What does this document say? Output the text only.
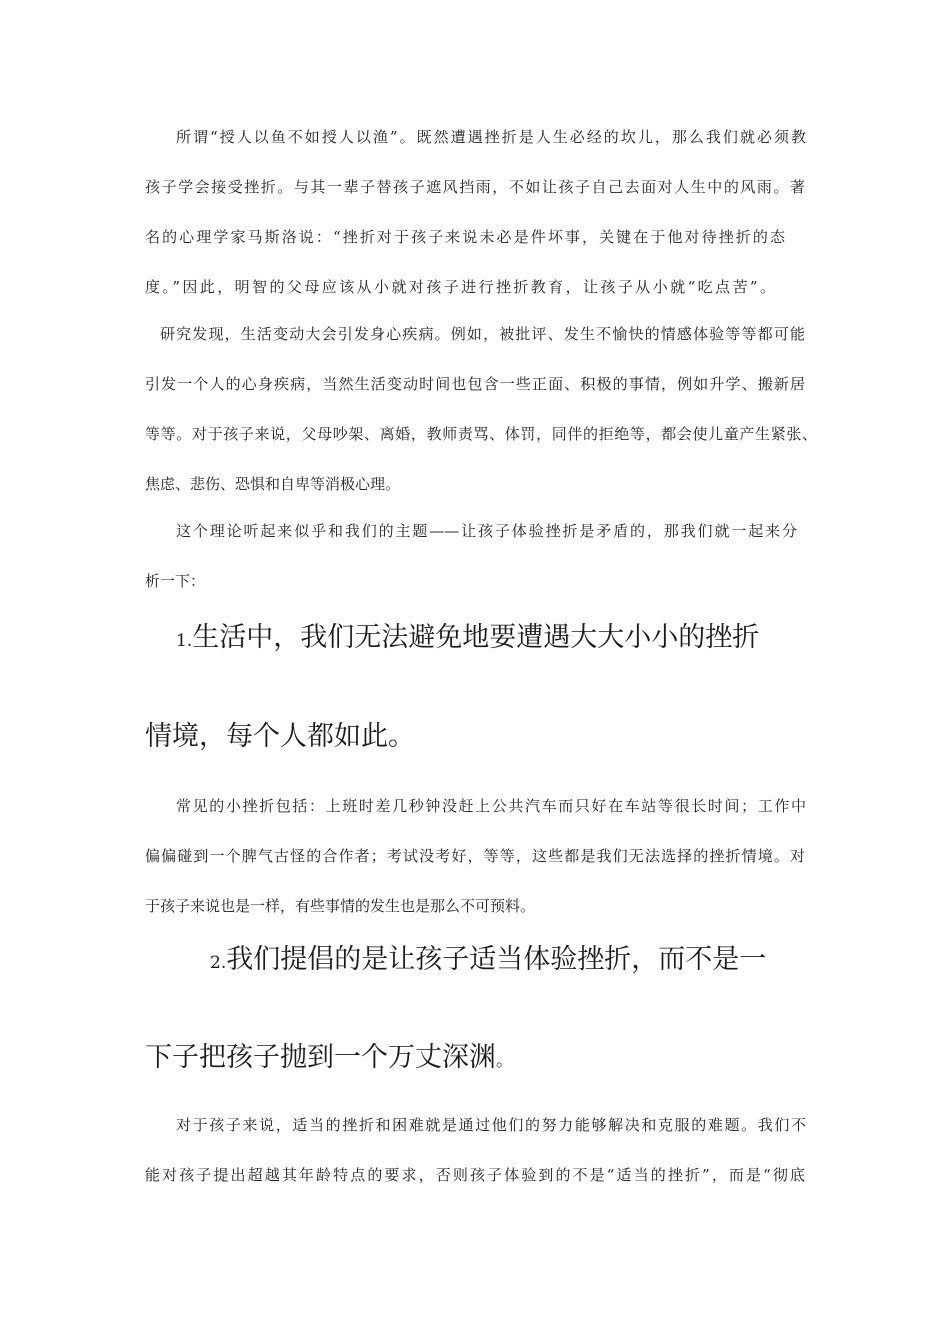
所谓“授人以鱼不如授人以渔”。既然遭遇挫折是人生必经的坎儿，那么我们就必须教
孩子学会接受挫折。与其一辈子替孩子遮风挡雨，不如让孩子自己去面对人生中的风雨。著
名的心理学家马斯洛说：“挫折对于孩子来说未必是件坏事，关键在于他对待挫折的态
度。”因此，明智的父母应该从小就对孩子进行挫折教育，让孩子从小就“吃点苦”。
研究发现，生活变动大会引发身心疾病。例如，被批评、发生不愉快的情感体验等等都可能
引发一个人的心身疾病，当然生活变动时间也包含一些正面、积极的事情，例如升学、搬新居
等等。对于孩子来说，父母吵架、离婚，教师责骂、体罚，同伴的拒绝等，都会使儿童产生紧张、
焦虑、悲伤、恐惧和自卑等消极心理。
这个理论听起来似乎和我们的主题——让孩子体验挫折是矛盾的，那我们就一起来分
析一下：
1.生活中，我们无法避免地要遭遇大大小小的挫折
情境，每个人都如此。
常见的小挫折包括：上班时差几秒钟没赶上公共汽车而只好在车站等很长时间；工作中
偏偏碰到一个脾气古怪的合作者；考试没考好，等等，这些都是我们无法选择的挫折情境。对
于孩子来说也是一样，有些事情的发生也是那么不可预料。
2.我们提倡的是让孩子适当体验挫折，而不是一
下子把孩子抛到一个万丈深渊。
对于孩子来说，适当的挫折和困难就是通过他们的努力能够解决和克服的难题。我们不
能对孩子提出超越其年龄特点的要求，否则孩子体验到的不是“适当的挫折”，而是“彻底
